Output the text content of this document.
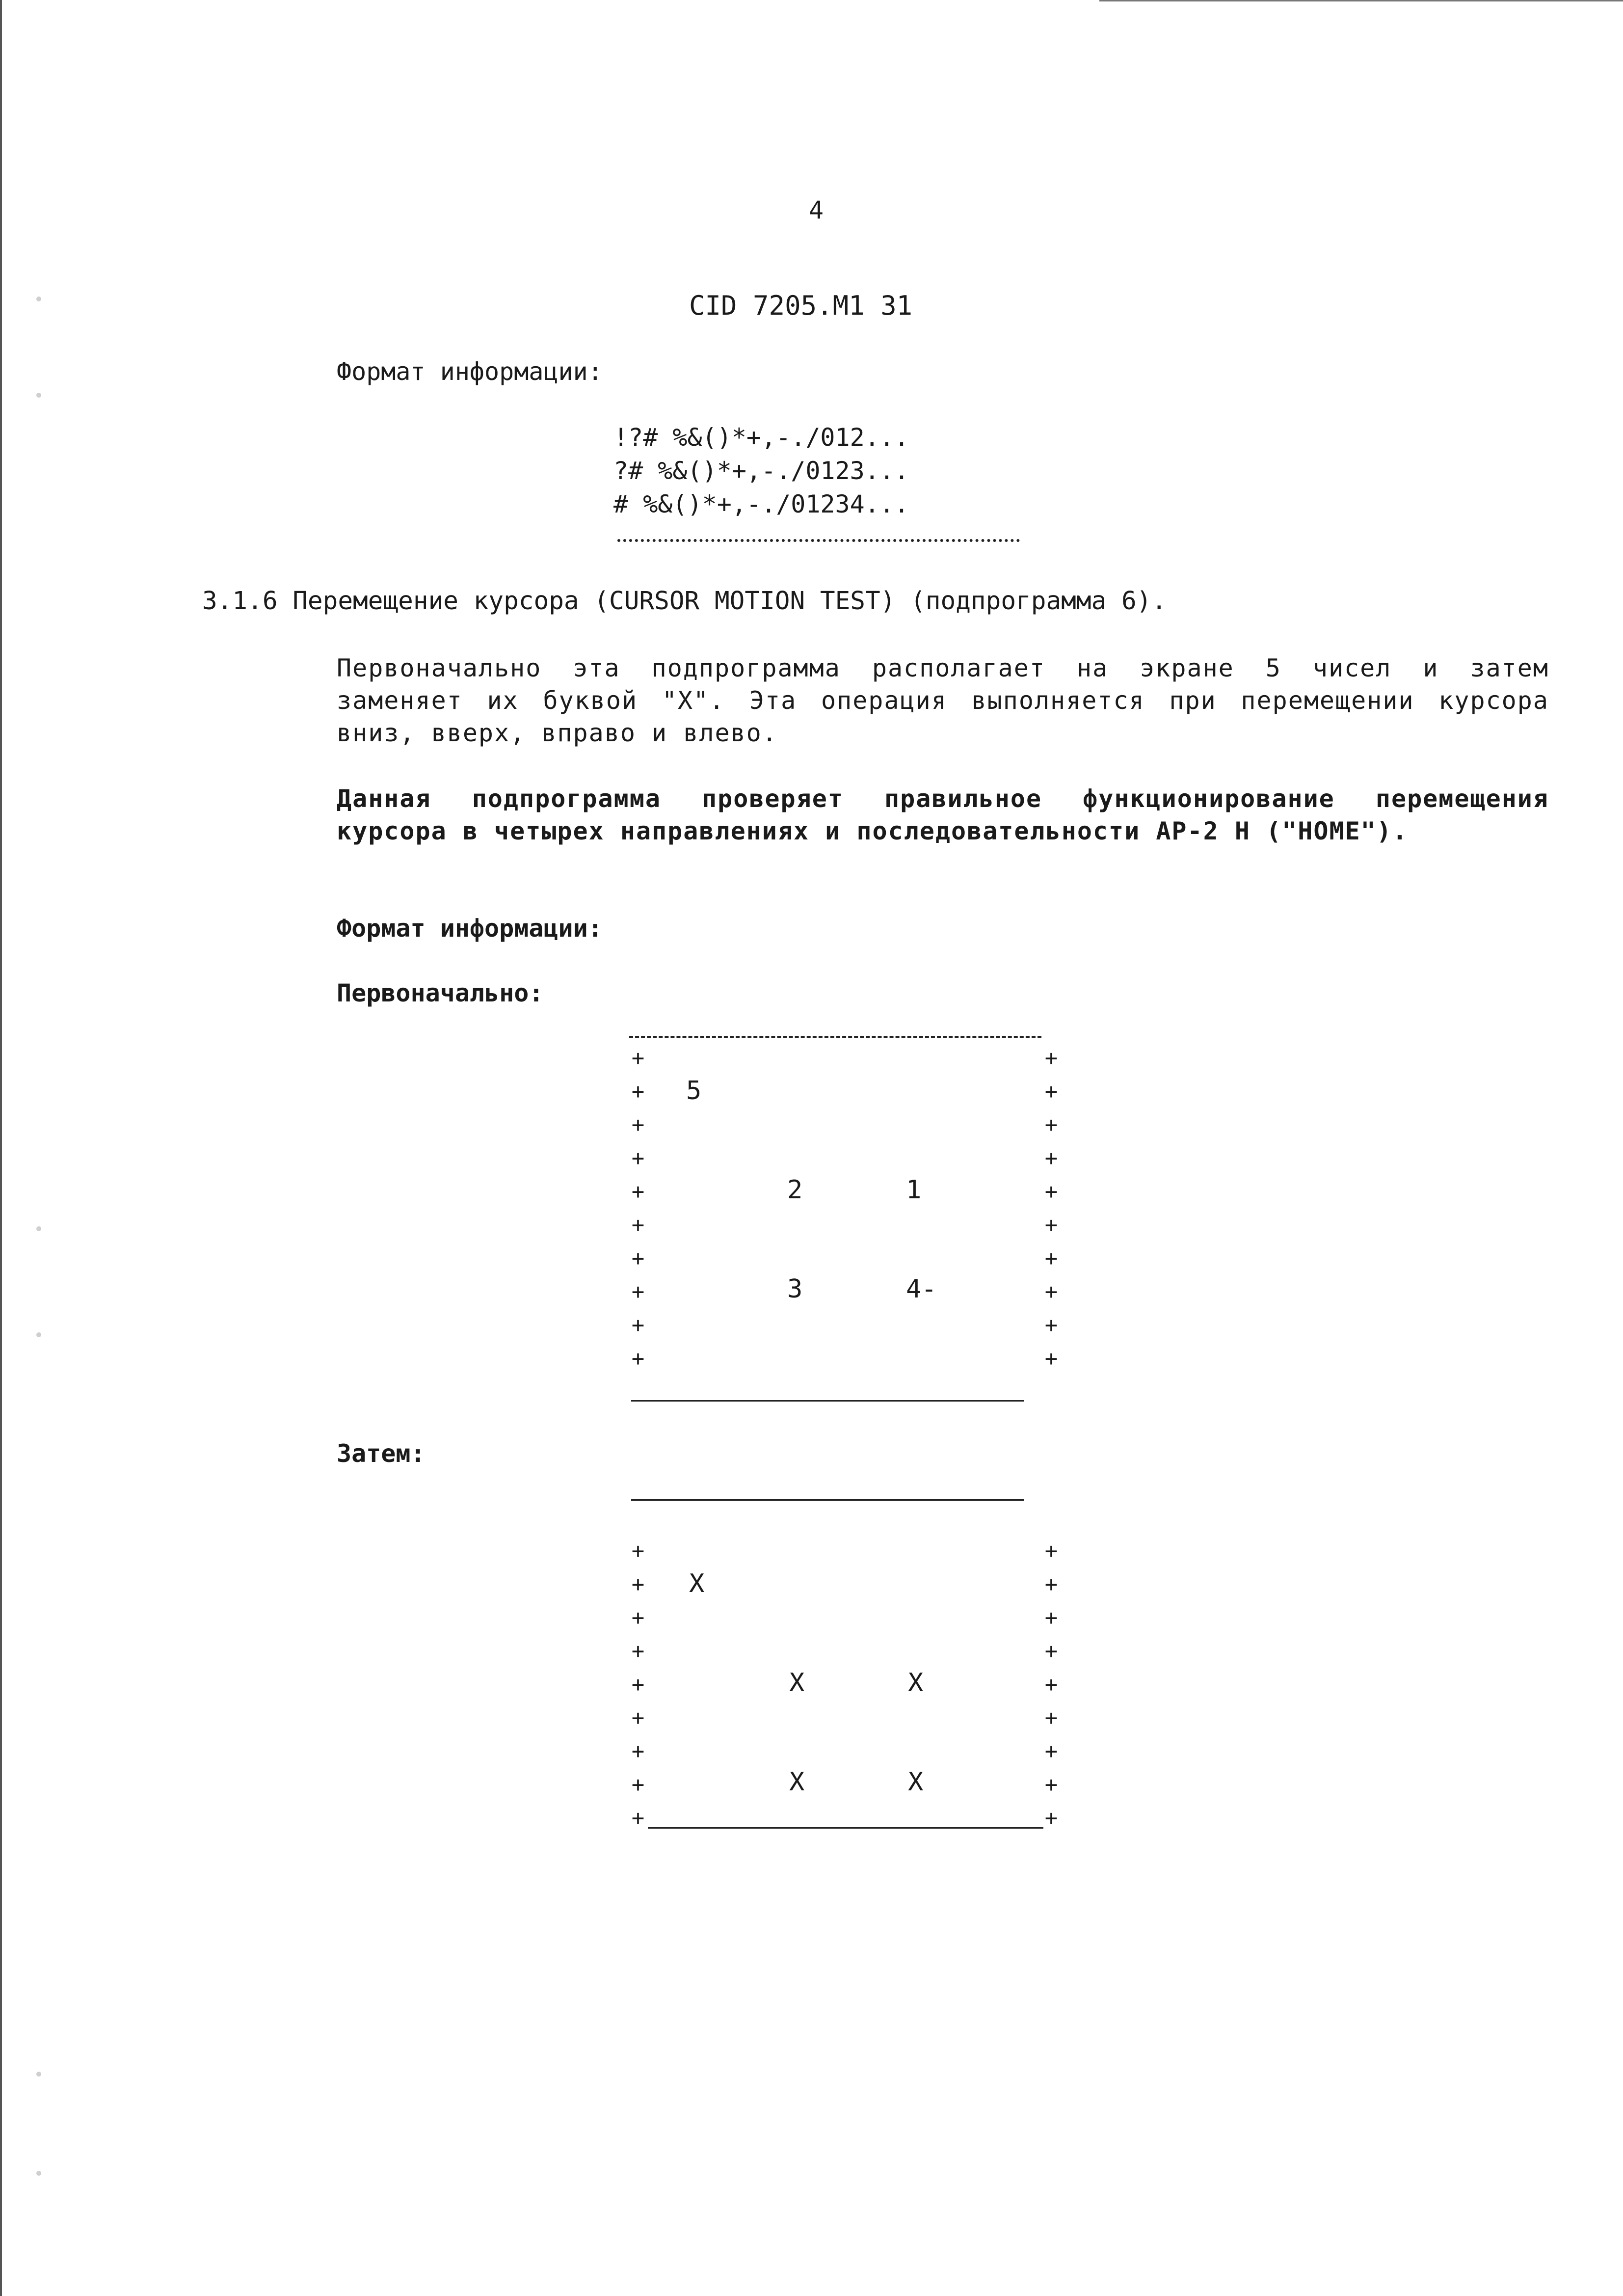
4
CID 7205.M1 31
Формат информации:
!?# %&()*+,-./012...
?# %&()*+,-./0123...
# %&()*+,-./01234...
3.1.6 Перемещение курсора (CURSOR MOTION TEST) (подпрограмма 6).
Первоначально эта подпрограмма располагает на экране 5 чисел и затем заменяет их буквой "X". Эта операция выполняется при перемещении курсора вниз, вверх, вправо и влево.
Данная подпрограмма проверяет правильное функционирование перемещения курсора в четырех направлениях и последовательности AP-2 H ("HOME").
Формат информации:
Первоначально:
+
+
+
+
+
+
+
+
+
+
+
+
+
+
+
+
+
+
+
+
5
2	1
3	4-
Затем:
+
+
+
+
+
+
+
+
+
+
+
+
+
+
+
+
+
+
X
X	X
X	X
